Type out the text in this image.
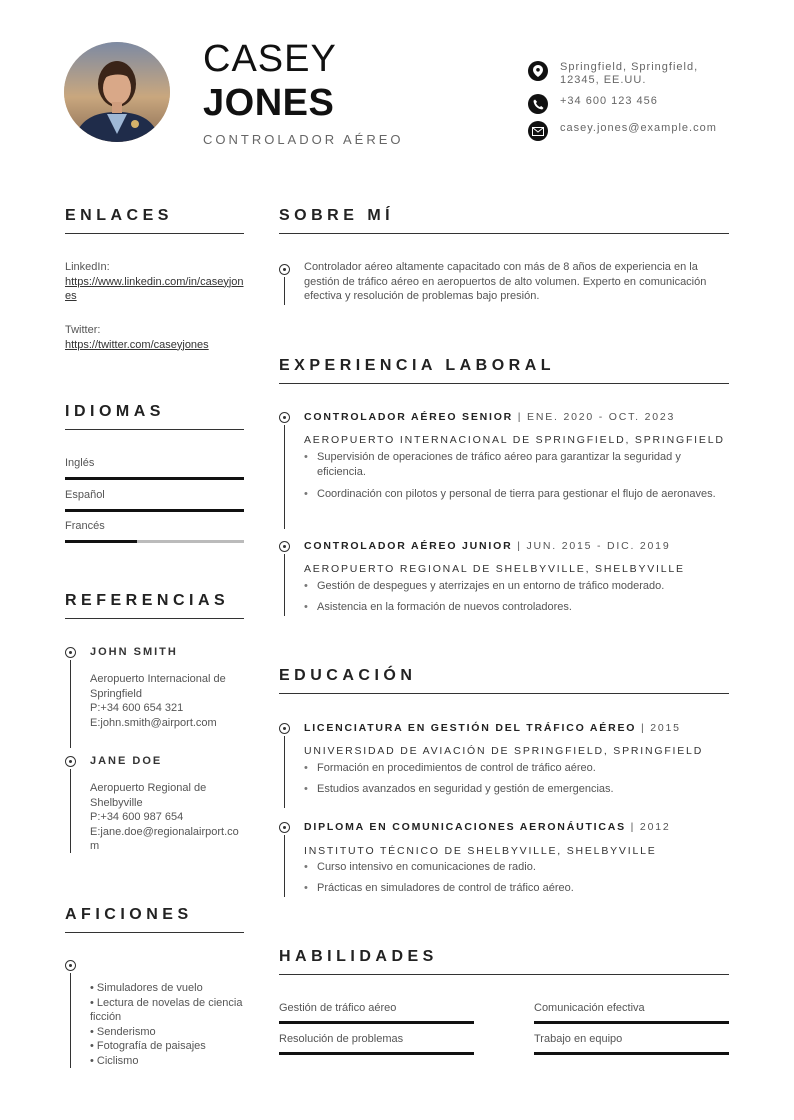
CASEY
JONES
CONTROLADOR AÉREO
Springfield, Springfield, 12345, EE.UU.
+34 600 123 456
casey.jones@example.com
ENLACES
LinkedIn:
https://www.linkedin.com/in/caseyjones
Twitter:
https://twitter.com/caseyjones
IDIOMAS
Inglés
Español
Francés
REFERENCIAS
JOHN SMITH
Aeropuerto Internacional de Springfield
P:+34 600 654 321
E:john.smith@airport.com
JANE DOE
Aeropuerto Regional de Shelbyville
P:+34 600 987 654
E:jane.doe@regionalairport.com
AFICIONES
• Simuladores de vuelo
• Lectura de novelas de ciencia ficción
• Senderismo
• Fotografía de paisajes
• Ciclismo
SOBRE MÍ
Controlador aéreo altamente capacitado con más de 8 años de experiencia en la gestión de tráfico aéreo en aeropuertos de alto volumen. Experto en comunicación efectiva y resolución de problemas bajo presión.
EXPERIENCIA LABORAL
CONTROLADOR AÉREO SENIOR | ENE. 2020 - OCT. 2023
AEROPUERTO INTERNACIONAL DE SPRINGFIELD, SPRINGFIELD
• Supervisión de operaciones de tráfico aéreo para garantizar la seguridad y eficiencia.
• Coordinación con pilotos y personal de tierra para gestionar el flujo de aeronaves.
CONTROLADOR AÉREO JUNIOR | JUN. 2015 - DIC. 2019
AEROPUERTO REGIONAL DE SHELBYVILLE, SHELBYVILLE
• Gestión de despegues y aterrizajes en un entorno de tráfico moderado.
• Asistencia en la formación de nuevos controladores.
EDUCACIÓN
LICENCIATURA EN GESTIÓN DEL TRÁFICO AÉREO | 2015
UNIVERSIDAD DE AVIACIÓN DE SPRINGFIELD, SPRINGFIELD
• Formación en procedimientos de control de tráfico aéreo.
• Estudios avanzados en seguridad y gestión de emergencias.
DIPLOMA EN COMUNICACIONES AERONÁUTICAS | 2012
INSTITUTO TÉCNICO DE SHELBYVILLE, SHELBYVILLE
• Curso intensivo en comunicaciones de radio.
• Prácticas en simuladores de control de tráfico aéreo.
HABILIDADES
Gestión de tráfico aéreo	Comunicación efectiva
Resolución de problemas	Trabajo en equipo
